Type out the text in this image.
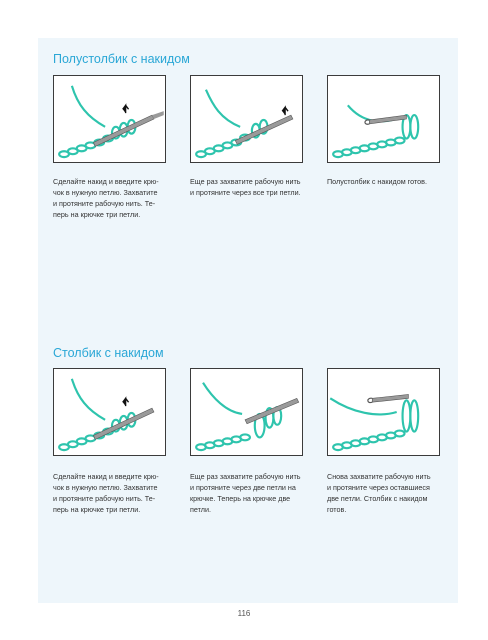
Полустолбик с накидом

Сделайте накид и введите крю-
чок в нужную петлю. Захватите
и протяните рабочую нить. Те-
перь на крючке три петли.

Еще раз захватите рабочую нить
и протяните через все три петли.

Полустолбик с накидом готов.

Столбик с накидом

Сделайте накид и введите крю-
чок в нужную петлю. Захватите
и протяните рабочую нить. Те-
перь на крючке три петли.

Еще раз захватите рабочую нить
и протяните через две петли на
крючке. Теперь на крючке две
петли.

Снова захватите рабочую нить
и протяните через оставшиеся
две петли. Столбик с накидом
готов.

116
